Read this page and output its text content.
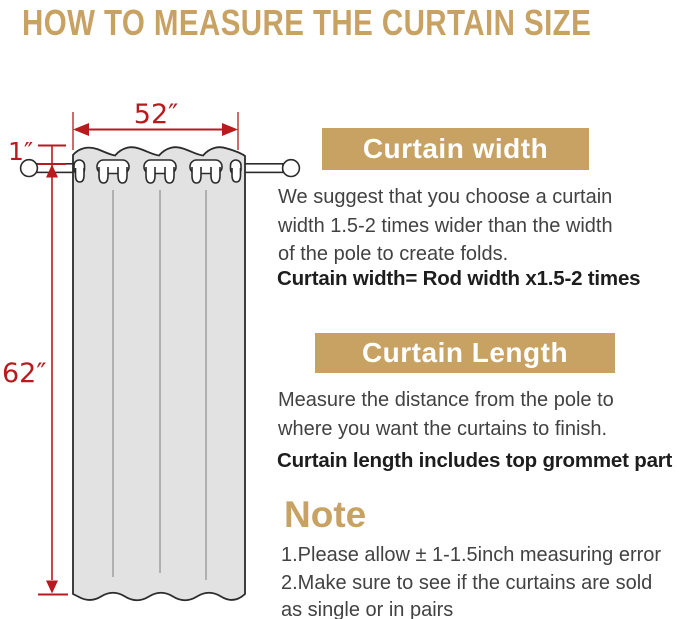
HOW TO MEASURE THE CURTAIN SIZE
52″
1″
62″
Curtain width
We suggest that you choose a curtain
width 1.5-2 times wider than the width
of the pole to create folds.
Curtain width= Rod width x1.5-2 times
Curtain Length
Measure the distance from the pole to
where you want the curtains to finish.
Curtain length includes top grommet part
Note
1.Please allow ± 1-1.5inch measuring error
2.Make sure to see if the curtains are sold
as single or in pairs
